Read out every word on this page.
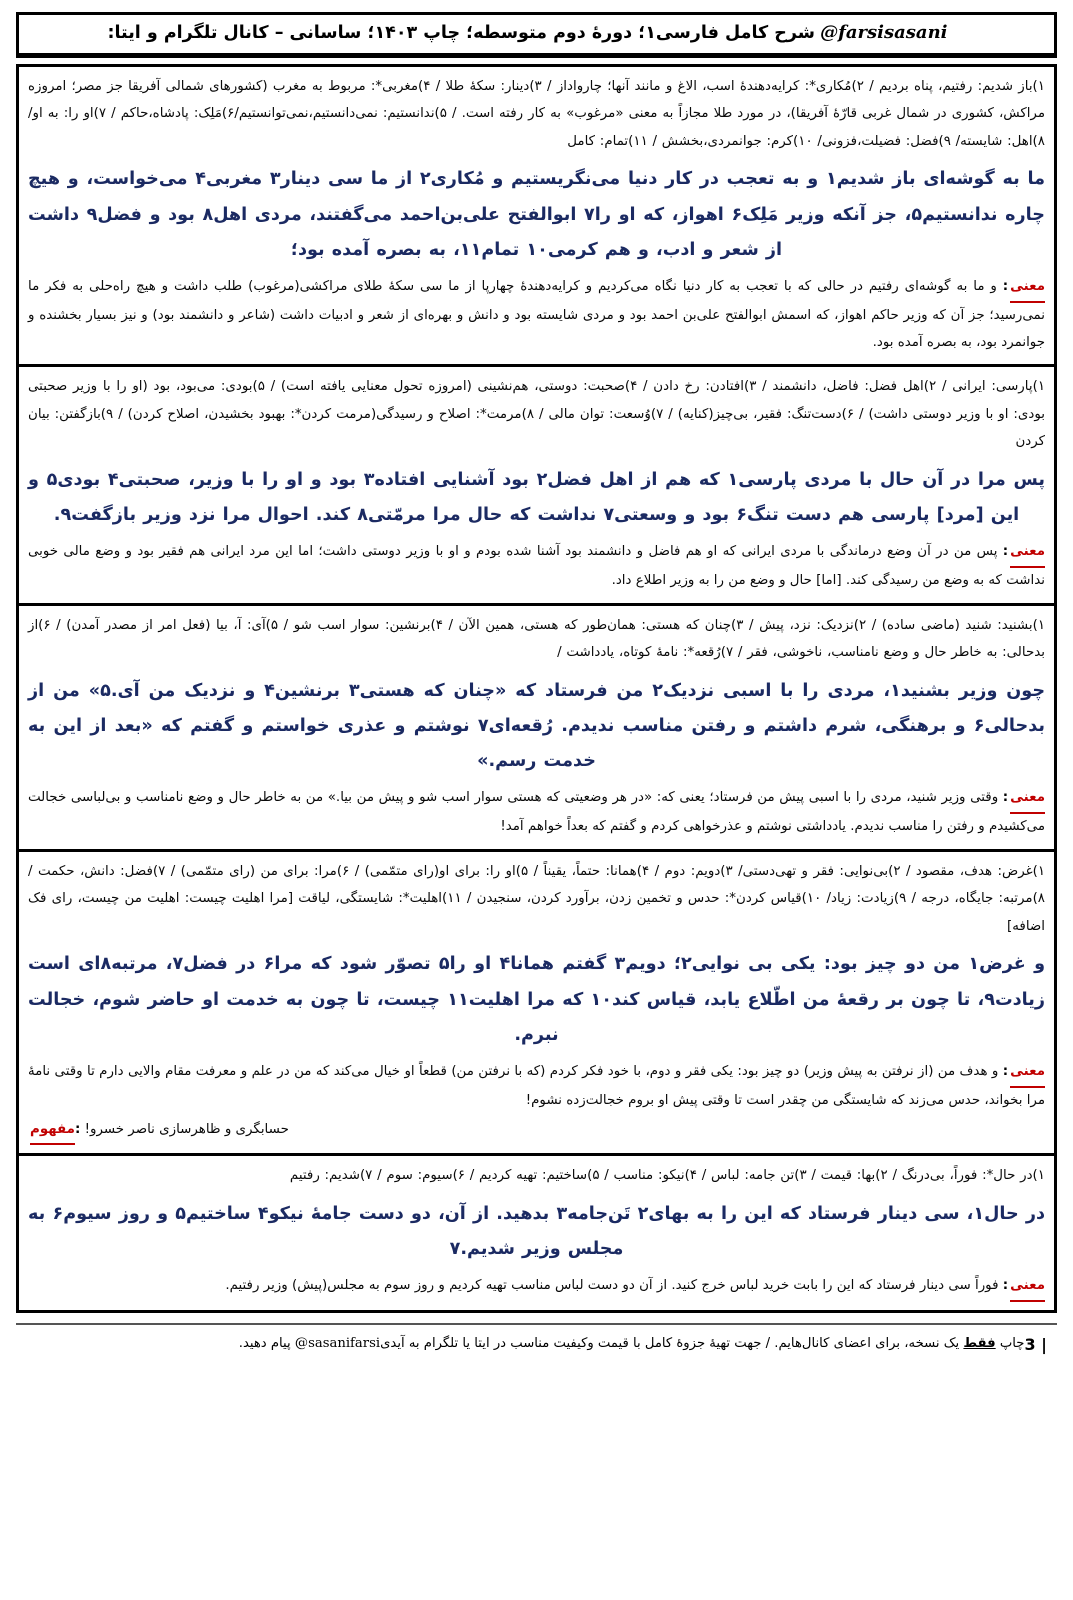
@farsisasani شرح کامل فارسی۱؛ دورهٔ دوم متوسطه؛ چاپ ۱۴۰۳؛ ساسانی – کانال تلگرام و ایتا:
۱)باز شدیم: رفتیم، پناه بردیم / ۲)مُکاری*: کرایه‌دهندهٔ اسب، الاغ و مانند آنها؛ چارواداز / ۳)دینار: سکهٔ طلا / ۴)مغربی*: مربوط به مغرب (کشورهای شمالی آفریقا جز مصر؛ امروزه مراکش، کشوری در شمال غربی قارّهٔ آفریقا)، در مورد طلا مجازاً به معنی «مرغوب» به کار رفته است. / ۵)ندانستیم: نمی‌دانستیم،نمی‌توانستیم/۶)مَلِک: پادشاه،حاکم / ۷)او را: به او/ ۸)اهل: شایسته/ ۹)فضل: فضیلت،فزونی/ ۱۰)کرم: جوانمردی،بخشش / ۱۱)تمام: کامل
ما به گوشه‌ای باز شدیم۱ و به تعجب در کار دنیا می‌نگریستیم و مُکاری۲ از ما سی دینار۳ مغربی۴ می‌خواست، و هیچ چاره ندانستیم۵، جز آنکه وزیر مَلِک۶ اهواز، که او را۷ ابوالفتح علی‌بن‌احمد می‌گفتند، مردی اهل۸ بود و فضل۹ داشت از شعر و ادب، و هم کرمی۱۰ تمام۱۱، به بصره آمده بود؛
معنی: و ما به گوشه‌ای رفتیم در حالی که با تعجب به کار دنیا نگاه می‌کردیم و کرایه‌دهندهٔ چهارپا از ما سی سکهٔ طلای مراکشی(مرغوب) طلب داشت و هیچ راه‌حلی به فکر ما نمی‌رسید؛ جز آن که وزیر حاکم اهواز، که اسمش ابوالفتح علی‌بن احمد بود و مردی شایسته بود و دانش و بهره‌ای از شعر و ادبیات داشت (شاعر و دانشمند بود) و نیز بسیار بخشنده و جوانمرد بود، به بصره آمده بود.
۱)پارسی: ایرانی / ۲)اهل فضل: فاضل، دانشمند / ۳)افتادن: رخ دادن / ۴)صحبت: دوستی، هم‌نشینی (امروزه تحول معنایی یافته است) / ۵)بودی: می‌بود، بود (او را با وزیر صحبتی بودی: او با وزیر دوستی داشت) / ۶)دست‌تنگ: فقیر، بی‌چیز(کنایه) / ۷)وُسعت: توان مالی / ۸)مرمت*: اصلاح و رسیدگی(مرمت کردن*: بهبود بخشیدن، اصلاح کردن) / ۹)بازگفتن: بیان کردن
پس مرا در آن حال با مردی پارسی۱ که هم از اهل فضل۲ بود آشنایی افتاده۳ بود و او را با وزیر، صحبتی۴ بودی۵ و این [مرد] پارسی هم دست تنگ۶ بود و وسعتی۷ نداشت که حال مرا مرمّتی۸ کند. احوال مرا نزد وزیر بازگفت۹.
معنی: پس من در آن وضع درماندگی با مردی ایرانی که او هم فاضل و دانشمند بود آشنا شده بودم و او با وزیر دوستی داشت؛ اما این مرد ایرانی هم فقیر بود و وضع مالی خوبی نداشت که به وضع من رسیدگی کند. [اما] حال و وضع من را به وزیر اطلاع داد.
۱)بشنید: شنید (ماضی ساده) / ۲)نزدیک: نزد، پیش / ۳)چنان که هستی: همان‌طور که هستی، همین الآن / ۴)برنشین: سوار اسب شو / ۵)آی: آ، بیا (فعل امر از مصدر آمدن) / ۶)از بدحالی: به خاطر حال و وضع نامناسب، ناخوشی، فقر / ۷)رُقعه*: نامهٔ کوتاه، یادداشت /
چون وزیر بشنید۱، مردی را با اسبی نزدیک۲ من فرستاد که «چنان که هستی۳ برنشین۴ و نزدیک من آی.۵» من از بدحالی۶ و برهنگی، شرم داشتم و رفتن مناسب ندیدم. رُقعه‌ای۷ نوشتم و عذری خواستم و گفتم که «بعد از این به خدمت رسم.»
معنی: وقتی وزیر شنید، مردی را با اسبی پیش من فرستاد؛ یعنی که: «در هر وضعیتی که هستی سوار اسب شو و پیش من بیا.» من به خاطر حال و وضع نامناسب و بی‌لباسی خجالت می‌کشیدم و رفتن را مناسب ندیدم. یادداشتی نوشتم و عذرخواهی کردم و گفتم که بعداً خواهم آمد!
۱)غرض: هدف، مقصود / ۲)بی‌نوایی: فقر و تهی‌دستی/ ۳)دویم: دوم / ۴)همانا: حتماً، یقیناً / ۵)او را: برای او(رای متمّمی) / ۶)مرا: برای من (رای متمّمی) / ۷)فضل: دانش، حکمت / ۸)مرتبه: جایگاه، درجه / ۹)زیادت: زیاد/ ۱۰)قیاس کردن*: حدس و تخمین زدن، برآورد کردن، سنجیدن / ۱۱)اهلیت*: شایستگی، لیاقت [مرا اهلیت چیست: اهلیت من چیست، رای فک اضافه]
و غرض۱ من دو چیز بود: یکی بی نوایی۲؛ دویم۳ گفتم همانا۴ او را۵ تصوّر شود که مرا۶ در فضل۷، مرتبه۸‌ای است زیادت۹، تا چون بر رقعهٔ من اطّلاع یابد، قیاس کند۱۰ که مرا اهلیت۱۱ چیست، تا چون به خدمت او حاضر شوم، خجالت نبرم.
معنی: و هدف من (از نرفتن به پیش وزیر) دو چیز بود: یکی فقر و دوم، با خود فکر کردم (که با نرفتن من) قطعاً او خیال می‌کند که من در علم و معرفت مقام والایی دارم تا وقتی نامهٔ مرا بخواند، حدس می‌زند که شایستگی من چقدر است تا وقتی پیش او بروم خجالت‌زده نشوم!
حسابگری و ظاهرسازی ناصر خسرو! :مفهوم
۱)در حال*: فوراً، بی‌درنگ / ۲)بها: قیمت / ۳)تن جامه: لباس / ۴)نیکو: مناسب / ۵)ساختیم: تهیه کردیم / ۶)سیوم: سوم / ۷)شدیم: رفتیم
در حال۱، سی دینار فرستاد که این را به بهای۲ تَن‌جامه۳ بدهید. از آن، دو دست جامهٔ نیکو۴ ساختیم۵ و روز سیوم۶ به مجلس وزیر شدیم.۷
معنی: فوراً سی دینار فرستاد که این را بابت خرید لباس خرج کنید. از آن دو دست لباس مناسب تهیه کردیم و روز سوم به مجلس(پیش) وزیر رفتیم.
چاپ فقط یک نسخه، برای اعضای کانال‌هایم. / جهت تهیهٔ جزوهٔ کامل با قیمت وکیفیت مناسب در ایتا یا تلگرام به آیدی@sasanifarsi پیام دهید.	3 |
